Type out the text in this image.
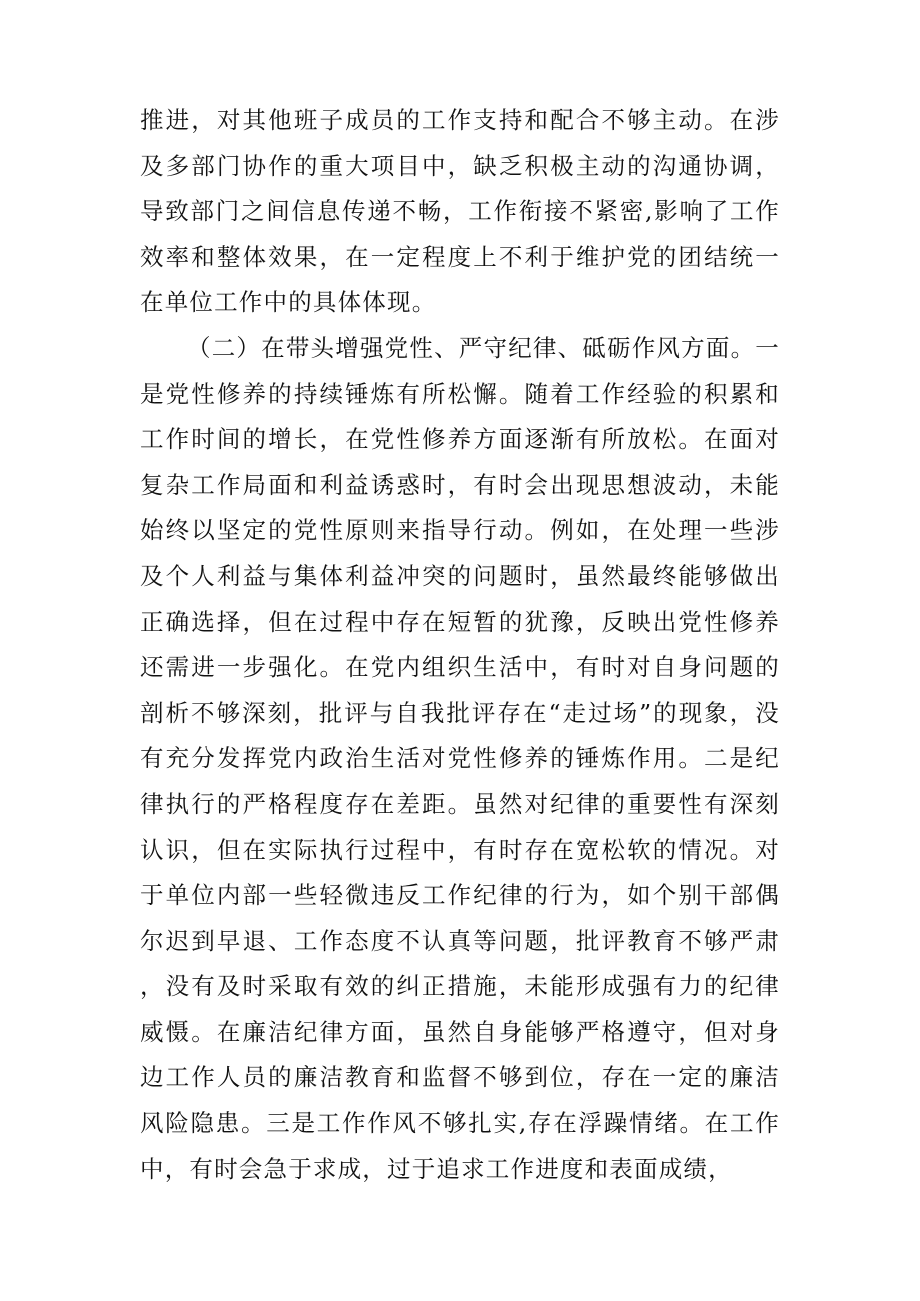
推进，对其他班子成员的工作支持和配合不够主动。在涉及多部门协作的重大项目中，缺乏积极主动的沟通协调，导致部门之间信息传递不畅，工作衔接不紧密,影响了工作效率和整体效果，在一定程度上不利于维护党的团结统一在单位工作中的具体体现。

（二）在带头增强党性、严守纪律、砥砺作风方面。一是党性修养的持续锤炼有所松懈。随着工作经验的积累和工作时间的增长，在党性修养方面逐渐有所放松。在面对复杂工作局面和利益诱惑时，有时会出现思想波动，未能始终以坚定的党性原则来指导行动。例如，在处理一些涉及个人利益与集体利益冲突的问题时，虽然最终能够做出正确选择，但在过程中存在短暂的犹豫，反映出党性修养还需进一步强化。在党内组织生活中，有时对自身问题的剖析不够深刻，批评与自我批评存在“走过场”的现象，没有充分发挥党内政治生活对党性修养的锤炼作用。二是纪律执行的严格程度存在差距。虽然对纪律的重要性有深刻认识，但在实际执行过程中，有时存在宽松软的情况。对于单位内部一些轻微违反工作纪律的行为，如个别干部偶尔迟到早退、工作态度不认真等问题，批评教育不够严肃，没有及时采取有效的纠正措施，未能形成强有力的纪律威慑。在廉洁纪律方面，虽然自身能够严格遵守，但对身边工作人员的廉洁教育和监督不够到位，存在一定的廉洁风险隐患。三是工作作风不够扎实,存在浮躁情绪。在工作中，有时会急于求成，过于追求工作进度和表面成绩，
